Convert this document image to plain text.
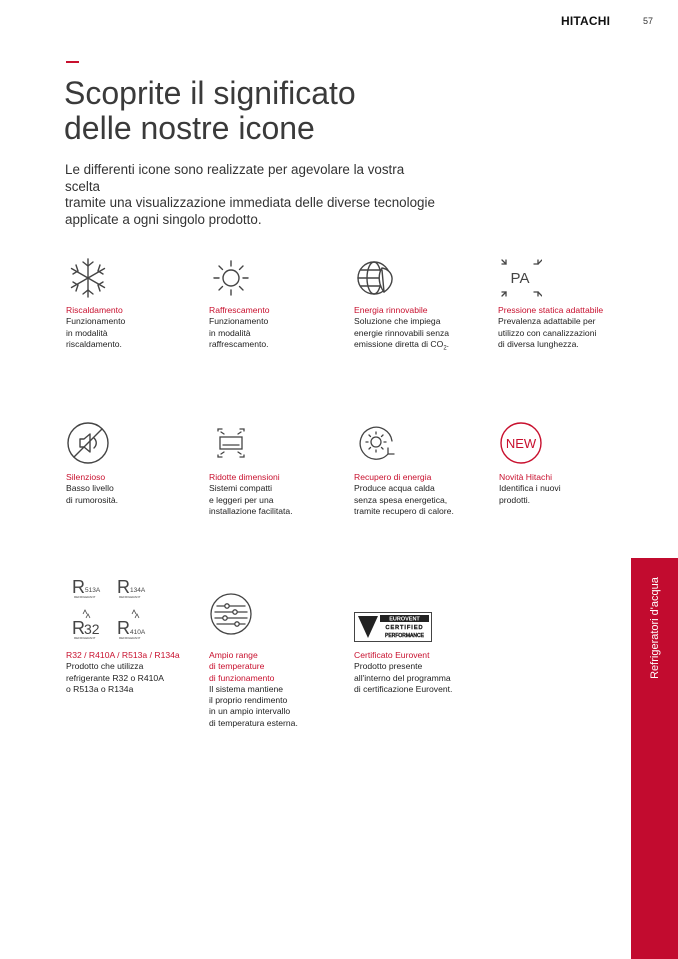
HITACHI	57
Scoprite il significato
delle nostre icone
Le differenti icone sono realizzate per agevolare la vostra scelta
tramite una visualizzazione immediata delle diverse tecnologie
applicate a ogni singolo prodotto.
Riscaldamento
Funzionamento
in modalità
riscaldamento.
Raffrescamento
Funzionamento
in modalità
raffrescamento.
Energia rinnovabile
Soluzione che impiega
energie rinnovabili senza
emissione diretta di $CO_2$.
PA
Pressione statica adattabile
Prevalenza adattabile per
utilizzo con canalizzazioni
di diversa lunghezza.
Silenzioso
Basso livello
di rumorosità.
Ridotte dimensioni
Sistemi compatti
e leggeri per una
installazione facilitata.
Recupero di energia
Produce acqua calda
senza spesa energetica,
tramite recupero di calore.
NEW
Novità Hitachi
Identifica i nuovi
prodotti.
R 513A
REFRIGERANT R 134A
REFRIGERANT
R 32
REFRIGERANT R 410A
REFRIGERANT
R32 / R410A / R513a / R134a
Prodotto che utilizza
refrigerante R32 o R410A
o R513a o R134a
Ampio range
di temperature
di funzionamento
Il sistema mantiene
il proprio rendimento
in un ampio intervallo
di temperatura esterna.
EUROVENT
CERTIFIED
PERFORMANCE
Certificato Eurovent
Prodotto presente
all'interno del programma
di certificazione Eurovent.
Refrigeratori d'acqua
